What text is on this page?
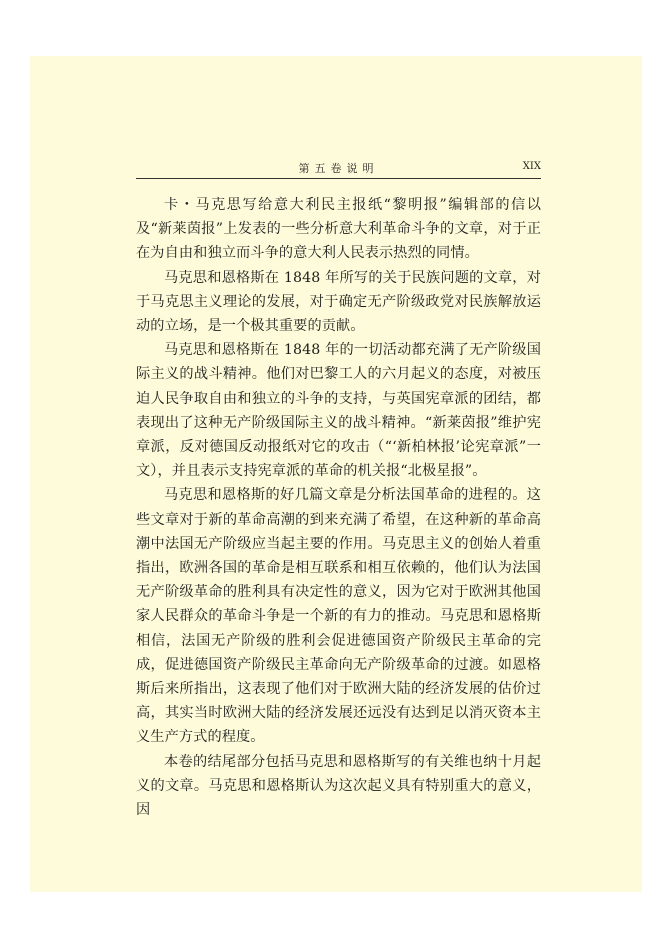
第五卷说明	XIX

卡・马克思写给意大利民主报纸“黎明报”编辑部的信以及“新莱茵报”上发表的一些分析意大利革命斗争的文章，对于正在为自由和独立而斗争的意大利人民表示热烈的同情。

马克思和恩格斯在 1848 年所写的关于民族问题的文章，对于马克思主义理论的发展，对于确定无产阶级政党对民族解放运动的立场，是一个极其重要的贡献。

马克思和恩格斯在 1848 年的一切活动都充满了无产阶级国际主义的战斗精神。他们对巴黎工人的六月起义的态度，对被压迫人民争取自由和独立的斗争的支持，与英国宪章派的团结，都表现出了这种无产阶级国际主义的战斗精神。“新莱茵报”维护宪章派，反对德国反动报纸对它的攻击（“‘新柏林报’论宪章派”一文），并且表示支持宪章派的革命的机关报“北极星报”。

马克思和恩格斯的好几篇文章是分析法国革命的进程的。这些文章对于新的革命高潮的到来充满了希望，在这种新的革命高潮中法国无产阶级应当起主要的作用。马克思主义的创始人着重指出，欧洲各国的革命是相互联系和相互依赖的，他们认为法国无产阶级革命的胜利具有决定性的意义，因为它对于欧洲其他国家人民群众的革命斗争是一个新的有力的推动。马克思和恩格斯相信，法国无产阶级的胜利会促进德国资产阶级民主革命的完成，促进德国资产阶级民主革命向无产阶级革命的过渡。如恩格斯后来所指出，这表现了他们对于欧洲大陆的经济发展的估价过高，其实当时欧洲大陆的经济发展还远没有达到足以消灭资本主义生产方式的程度。

本卷的结尾部分包括马克思和恩格斯写的有关维也纳十月起义的文章。马克思和恩格斯认为这次起义具有特别重大的意义，因
